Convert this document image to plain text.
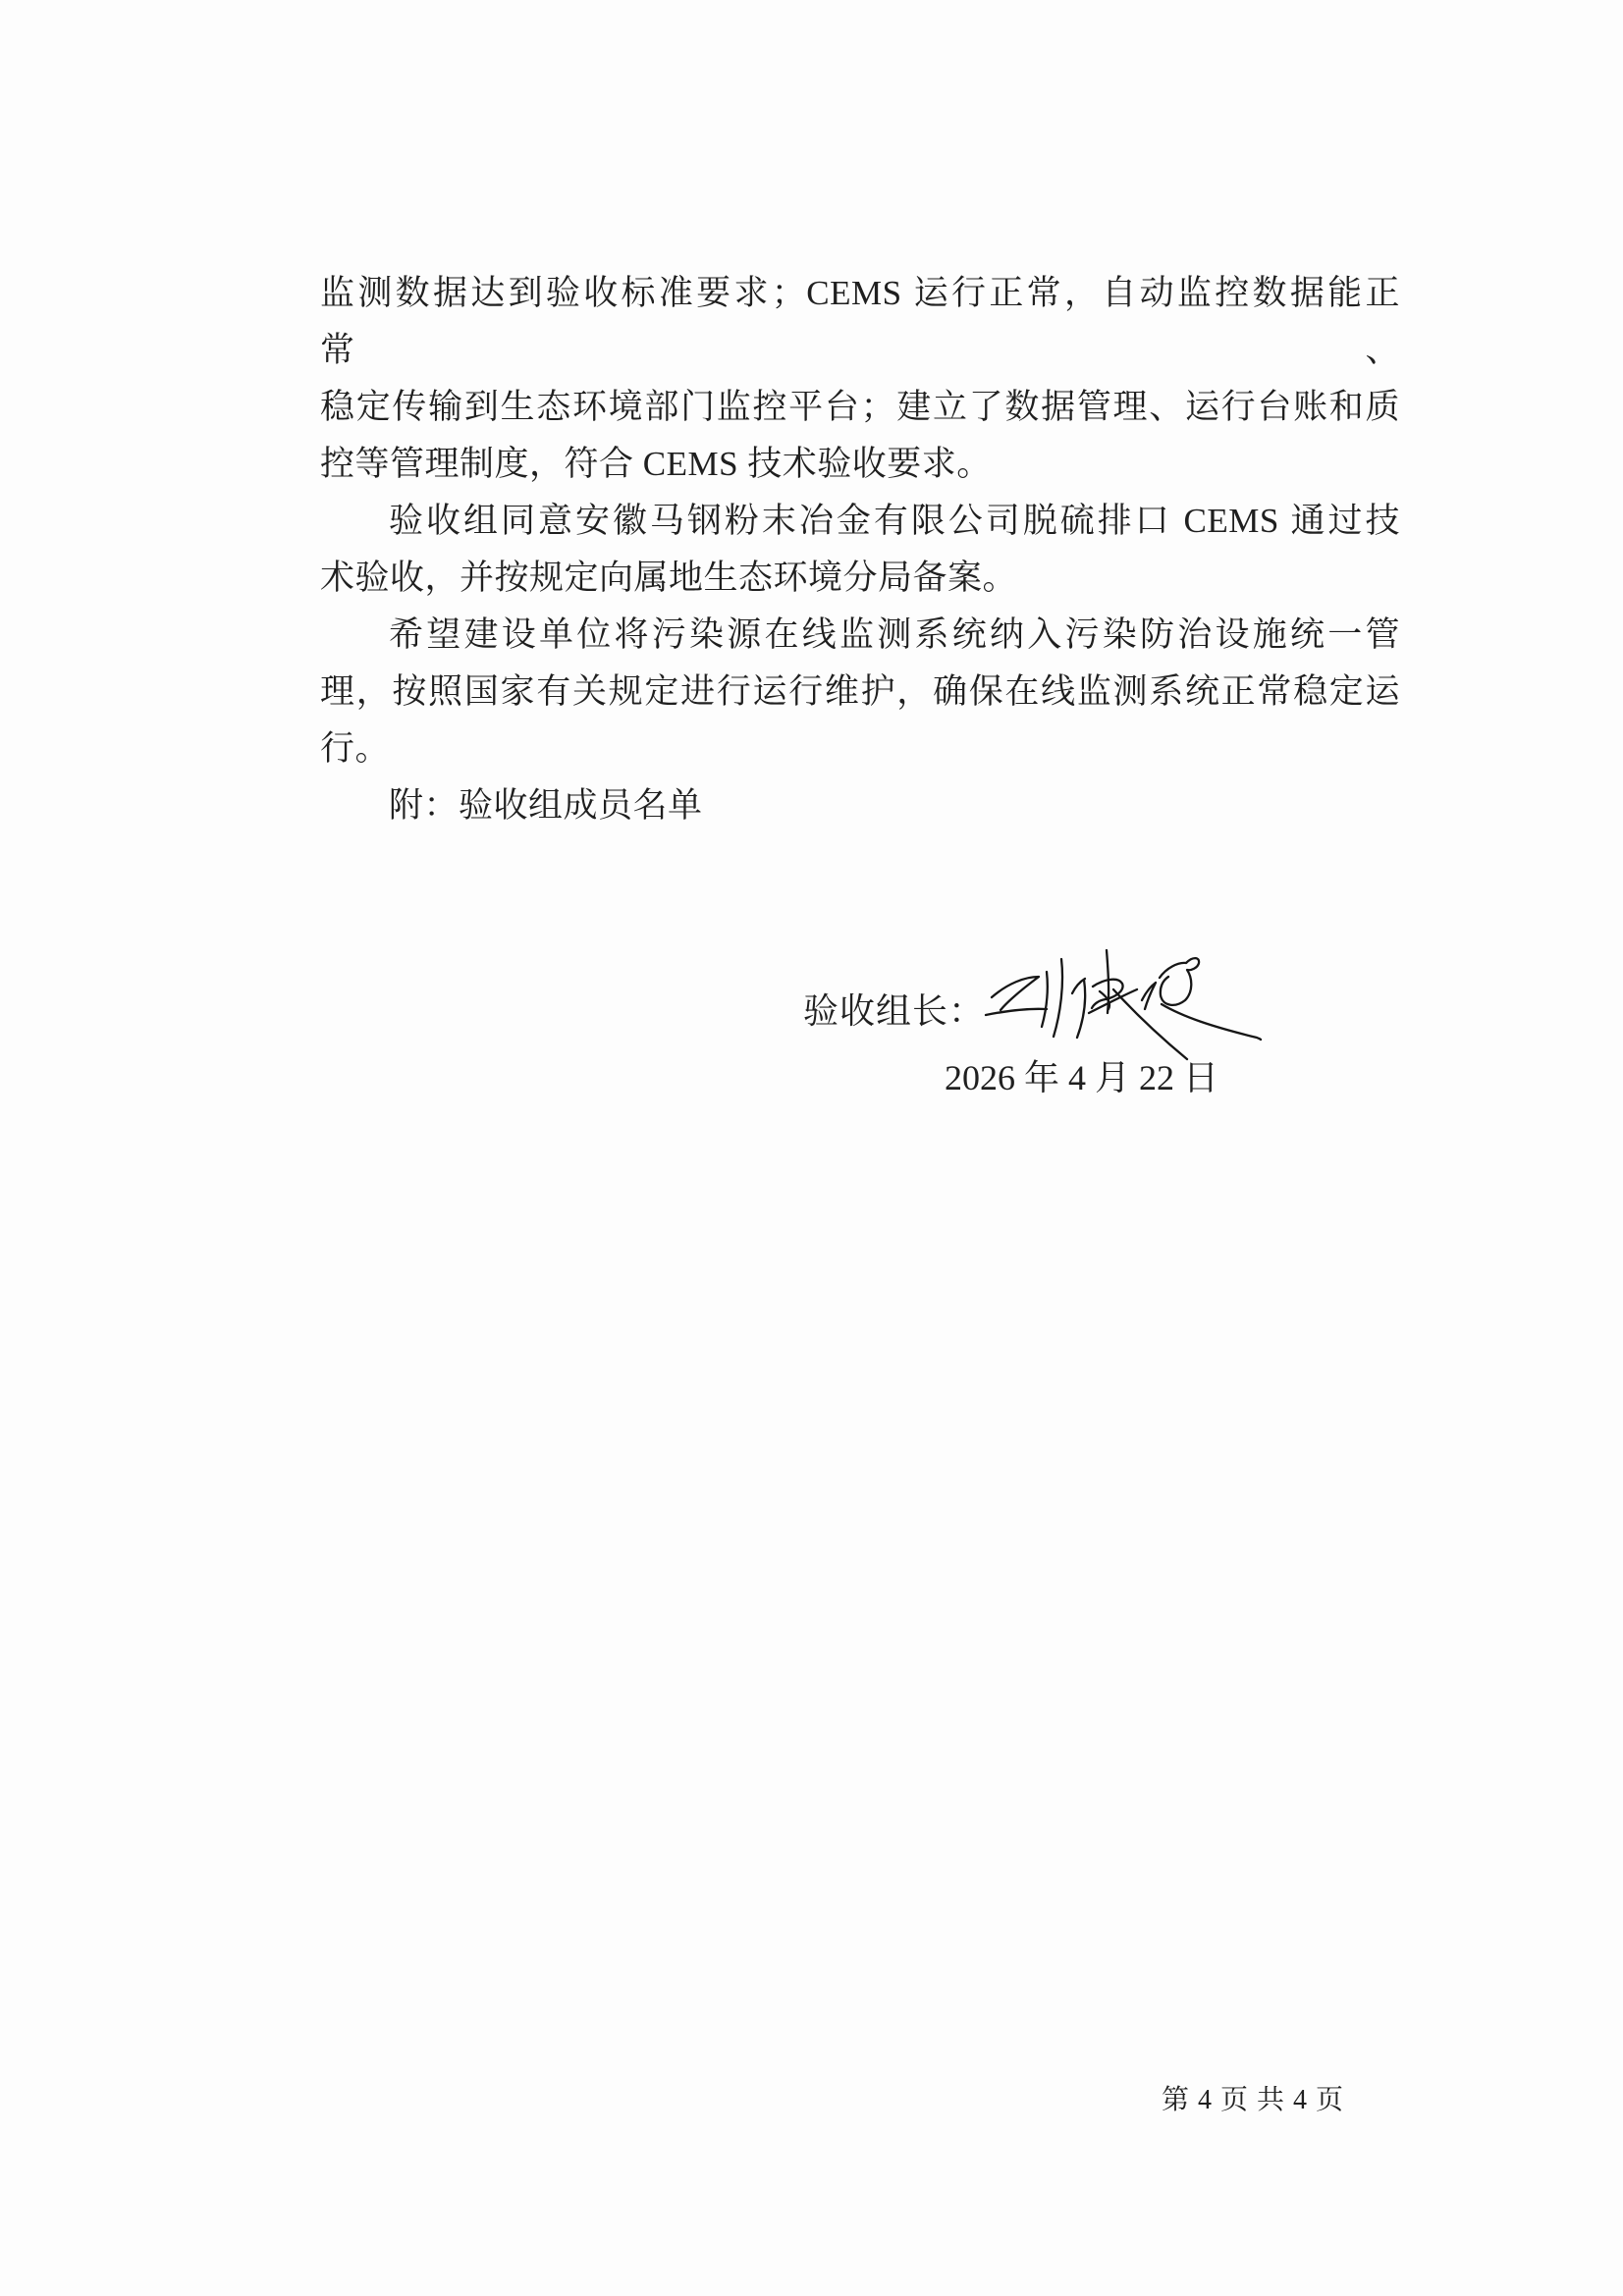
监测数据达到验收标准要求；CEMS 运行正常，自动监控数据能正常、
稳定传输到生态环境部门监控平台；建立了数据管理、运行台账和质
控等管理制度，符合 CEMS 技术验收要求。
验收组同意安徽马钢粉末冶金有限公司脱硫排口 CEMS 通过技
术验收，并按规定向属地生态环境分局备案。
希望建设单位将污染源在线监测系统纳入污染防治设施统一管
理，按照国家有关规定进行运行维护，确保在线监测系统正常稳定运
行。
附：验收组成员名单
验收组长：
2026 年 4 月 22 日
第 4 页 共 4 页
